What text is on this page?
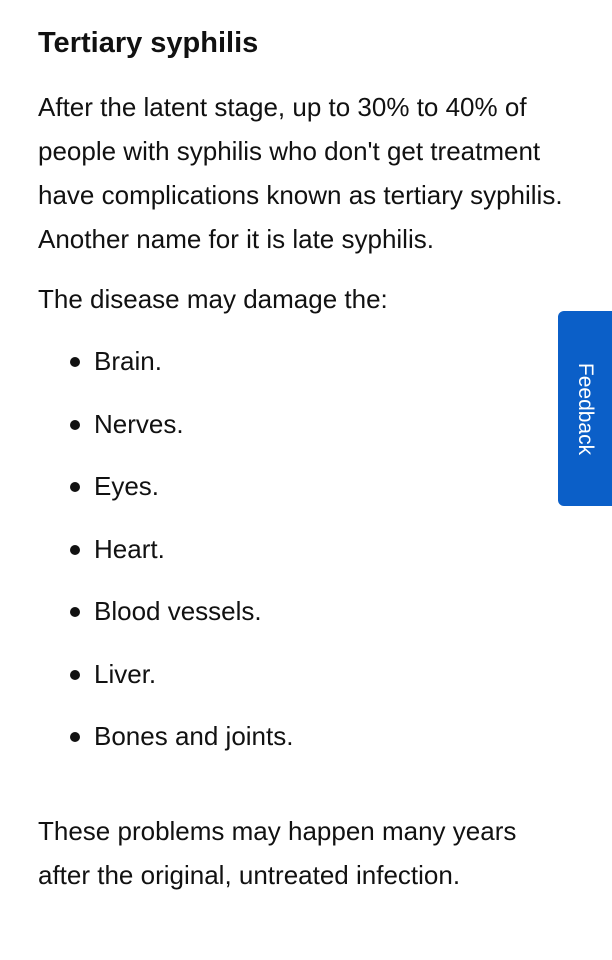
Tertiary syphilis

After the latent stage, up to 30% to 40% of people with syphilis who don't get treatment have complications known as tertiary syphilis. Another name for it is late syphilis.

The disease may damage the:

Brain.
Nerves.
Eyes.
Heart.
Blood vessels.
Liver.
Bones and joints.

These problems may happen many years after the original, untreated infection.

Feedback
